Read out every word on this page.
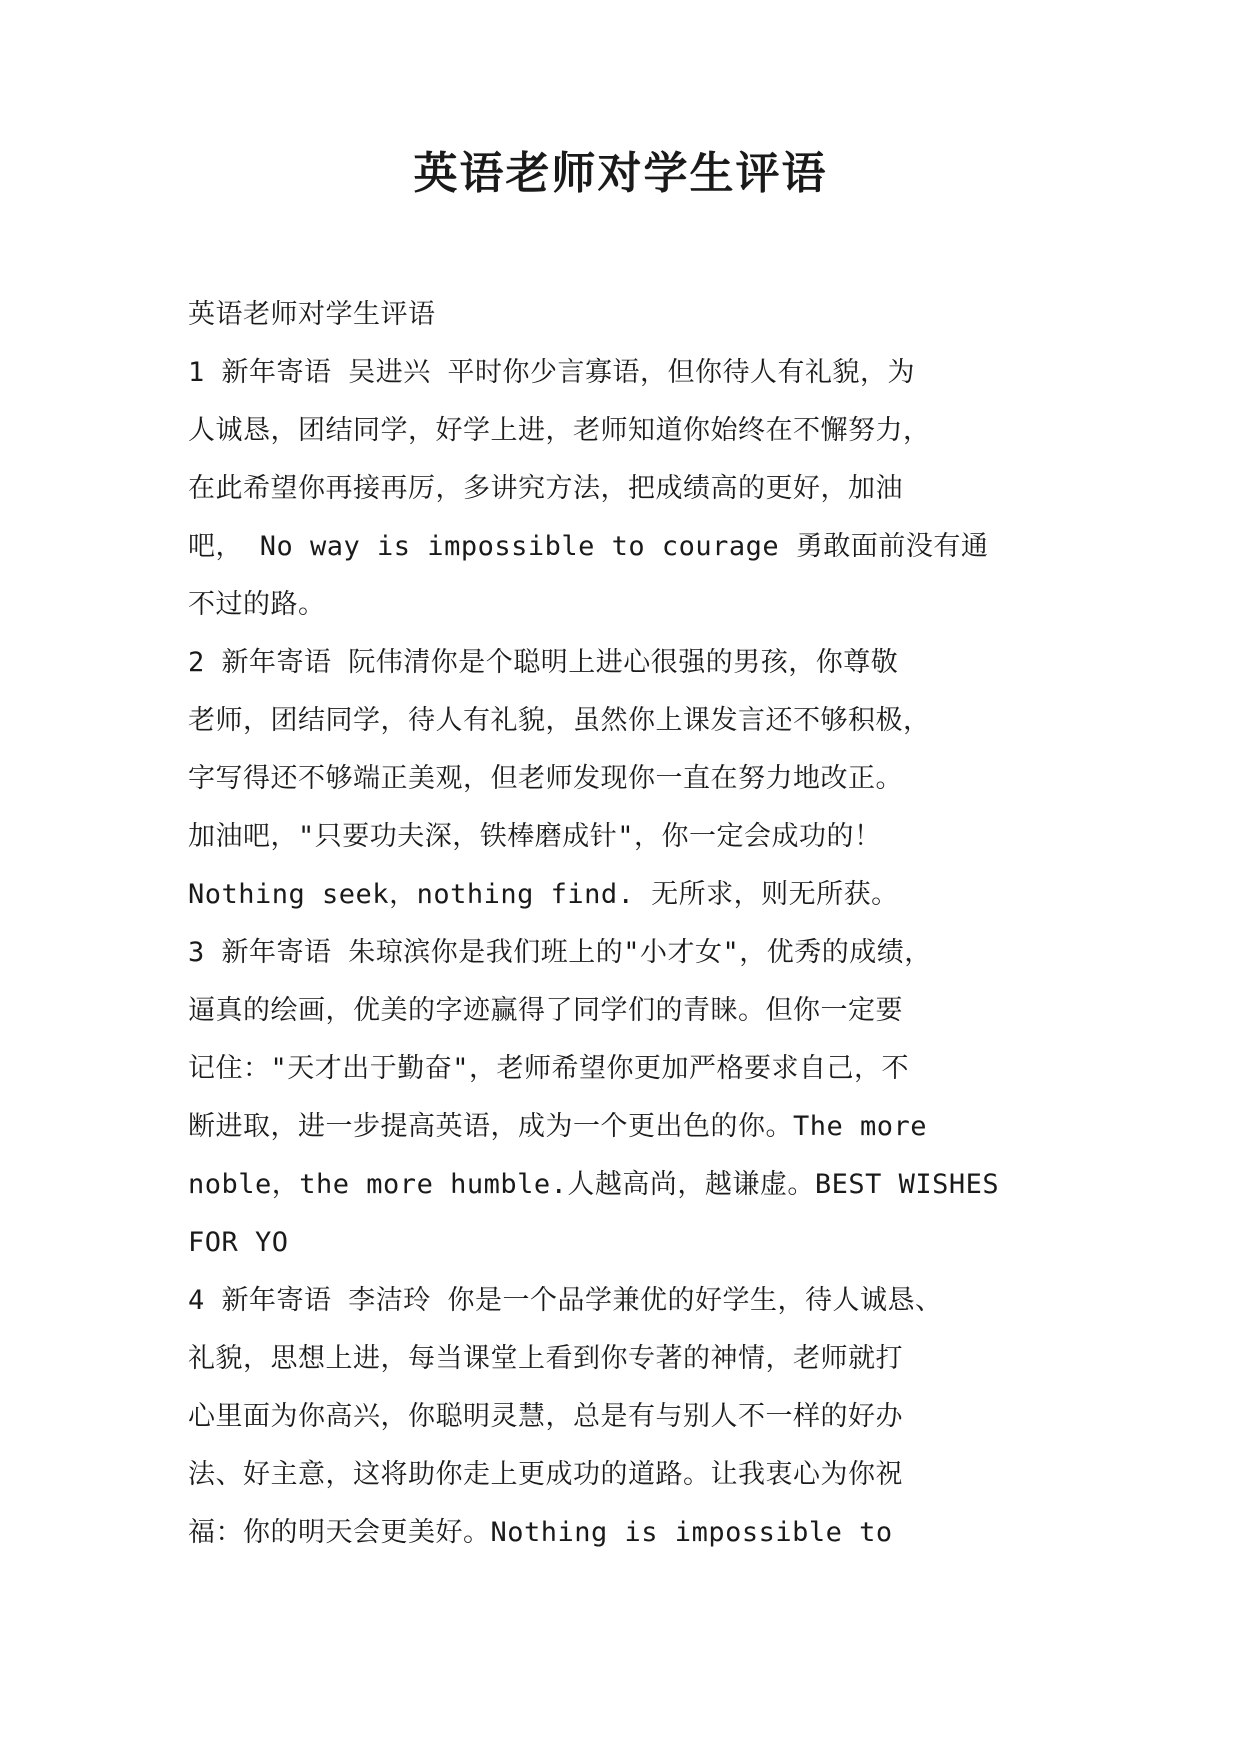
英语老师对学生评语
英语老师对学生评语
1 新年寄语 吴进兴 平时你少言寡语，但你待人有礼貌，为
人诚恳，团结同学，好学上进，老师知道你始终在不懈努力，
在此希望你再接再厉，多讲究方法，把成绩高的更好，加油
吧， No way is impossible to courage 勇敢面前没有通
不过的路。
2 新年寄语 阮伟清你是个聪明上进心很强的男孩，你尊敬
老师，团结同学，待人有礼貌，虽然你上课发言还不够积极，
字写得还不够端正美观，但老师发现你一直在努力地改正。
加油吧，"只要功夫深，铁棒磨成针"，你一定会成功的！
Nothing seek，nothing find. 无所求，则无所获。
3 新年寄语 朱琼滨你是我们班上的"小才女"，优秀的成绩，
逼真的绘画，优美的字迹赢得了同学们的青睐。但你一定要
记住："天才出于勤奋"，老师希望你更加严格要求自己，不
断进取，进一步提高英语，成为一个更出色的你。The more
noble，the more humble.人越高尚，越谦虚。BEST WISHES
FOR YO
4 新年寄语 李洁玲 你是一个品学兼优的好学生，待人诚恳、
礼貌，思想上进，每当课堂上看到你专著的神情，老师就打
心里面为你高兴，你聪明灵慧，总是有与别人不一样的好办
法、好主意，这将助你走上更成功的道路。让我衷心为你祝
福：你的明天会更美好。Nothing is impossible to
